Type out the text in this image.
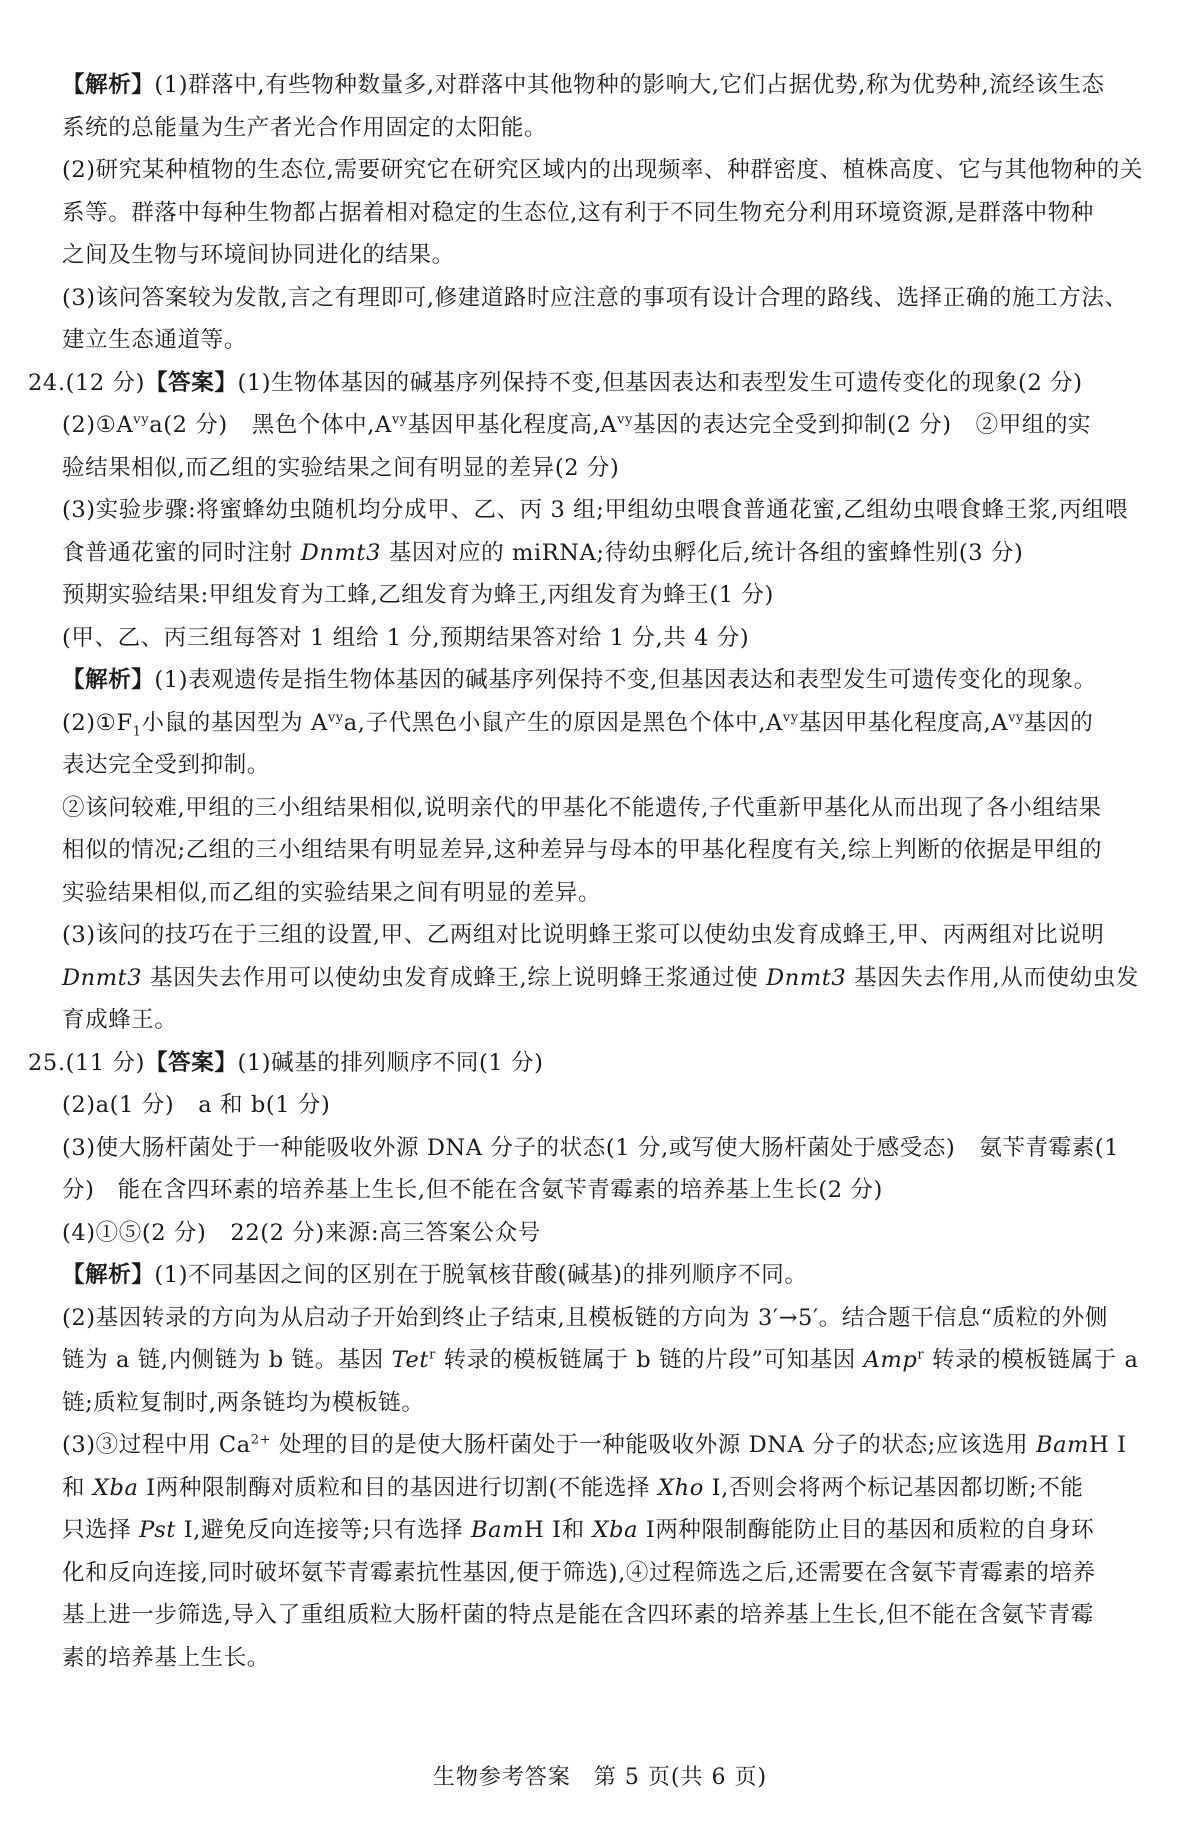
【解析】(1)群落中,有些物种数量多,对群落中其他物种的影响大,它们占据优势,称为优势种,流经该生态
系统的总能量为生产者光合作用固定的太阳能。
(2)研究某种植物的生态位,需要研究它在研究区域内的出现频率、种群密度、植株高度、它与其他物种的关
系等。群落中每种生物都占据着相对稳定的生态位,这有利于不同生物充分利用环境资源,是群落中物种
之间及生物与环境间协同进化的结果。
(3)该问答案较为发散,言之有理即可,修建道路时应注意的事项有设计合理的路线、选择正确的施工方法、
建立生态通道等。
24.(12 分)【答案】(1)生物体基因的碱基序列保持不变,但基因表达和表型发生可遗传变化的现象(2 分)
$(2)①A^{vy}a(2$ 分) 黑色个体中$,A^{vy}$基因甲基化程度高$,A^{vy}$基因的表达完全受到抑制(2 分) ②甲组的实
验结果相似,而乙组的实验结果之间有明显的差异(2 分)
(3)实验步骤:将蜜蜂幼虫随机均分成甲、乙、丙 3 组;甲组幼虫喂食普通花蜜,乙组幼虫喂食蜂王浆,丙组喂
食普通花蜜的同时注射 Dnmt3 基因对应的 miRNA;待幼虫孵化后,统计各组的蜜蜂性别(3 分)
预期实验结果:甲组发育为工蜂,乙组发育为蜂王,丙组发育为蜂王(1 分)
(甲、乙、丙三组每答对 1 组给 1 分,预期结果答对给 1 分,共 4 分)
【解析】(1)表观遗传是指生物体基因的碱基序列保持不变,但基因表达和表型发生可遗传变化的现象。
$(2)①F_1$小鼠的基因型为 $A^{vy}a$,子代黑色小鼠产生的原因是黑色个体中$,A^{vy}$基因甲基化程度高$,A^{vy}$基因的
表达完全受到抑制。
②该问较难,甲组的三小组结果相似,说明亲代的甲基化不能遗传,子代重新甲基化从而出现了各小组结果
相似的情况;乙组的三小组结果有明显差异,这种差异与母本的甲基化程度有关,综上判断的依据是甲组的
实验结果相似,而乙组的实验结果之间有明显的差异。
(3)该问的技巧在于三组的设置,甲、乙两组对比说明蜂王浆可以使幼虫发育成蜂王,甲、丙两组对比说明
Dnmt3 基因失去作用可以使幼虫发育成蜂王,综上说明蜂王浆通过使 Dnmt3 基因失去作用,从而使幼虫发
育成蜂王。
25.(11 分)【答案】(1)碱基的排列顺序不同(1 分)
(2)a(1 分) a 和 b(1 分)
(3)使大肠杆菌处于一种能吸收外源 DNA 分子的状态(1 分,或写使大肠杆菌处于感受态) 氨苄青霉素(1
分)　能在含四环素的培养基上生长,但不能在含氨苄青霉素的培养基上生长(2 分)
(4)①⑤(2 分) 22(2 分)来源:高三答案公众号
【解析】(1)不同基因之间的区别在于脱氧核苷酸(碱基)的排列顺序不同。
(2)基因转录的方向为从启动子开始到终止子结束,且模板链的方向为 3′→5′。结合题干信息“质粒的外侧
链为 a 链,内侧链为 b 链。基因 Tet$^r$ 转录的模板链属于 b 链的片段”可知基因 Amp$^r$ 转录的模板链属于 a
链;质粒复制时,两条链均为模板链。
(3)③过程中用 $Ca^{2+}$ 处理的目的是使大肠杆菌处于一种能吸收外源 DNA 分子的状态;应该选用 BamH Ⅰ
和 Xba Ⅰ两种限制酶对质粒和目的基因进行切割(不能选择 Xho Ⅰ,否则会将两个标记基因都切断;不能
只选择 Pst Ⅰ,避免反向连接等;只有选择 BamH Ⅰ和 Xba Ⅰ两种限制酶能防止目的基因和质粒的自身环
化和反向连接,同时破坏氨苄青霉素抗性基因,便于筛选),④过程筛选之后,还需要在含氨苄青霉素的培养
基上进一步筛选,导入了重组质粒大肠杆菌的特点是能在含四环素的培养基上生长,但不能在含氨苄青霉
素的培养基上生长。
生物参考答案　第 5 页(共 6 页)
